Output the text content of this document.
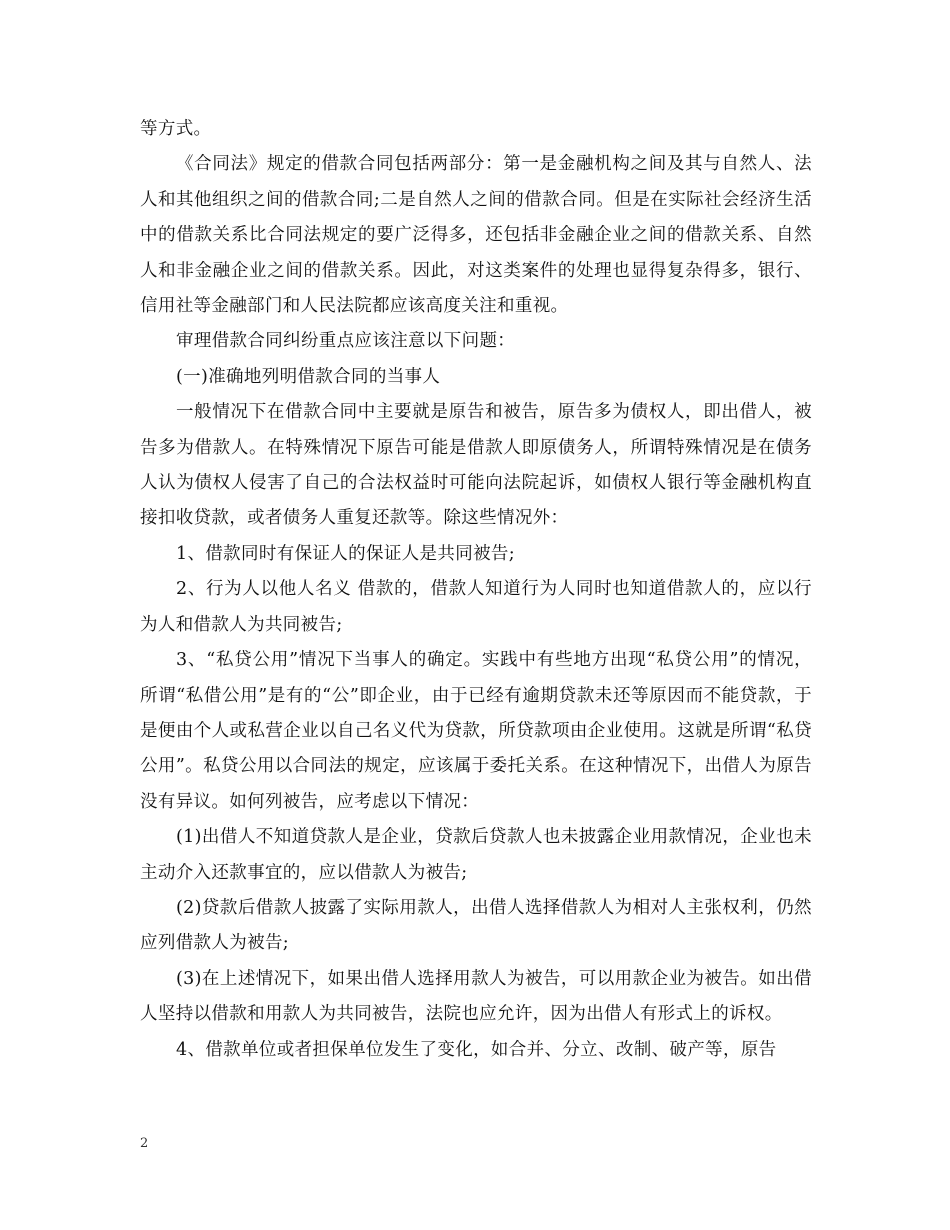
等方式。

《合同法》规定的借款合同包括两部分：第一是金融机构之间及其与自然人、法人和其他组织之间的借款合同;二是自然人之间的借款合同。但是在实际社会经济生活中的借款关系比合同法规定的要广泛得多，还包括非金融企业之间的借款关系、自然人和非金融企业之间的借款关系。因此，对这类案件的处理也显得复杂得多，银行、信用社等金融部门和人民法院都应该高度关注和重视。

审理借款合同纠纷重点应该注意以下问题：

(一)准确地列明借款合同的当事人

一般情况下在借款合同中主要就是原告和被告，原告多为债权人，即出借人，被告多为借款人。在特殊情况下原告可能是借款人即原债务人，所谓特殊情况是在债务人认为债权人侵害了自己的合法权益时可能向法院起诉，如债权人银行等金融机构直接扣收贷款，或者债务人重复还款等。除这些情况外：

1、借款同时有保证人的保证人是共同被告;

2、行为人以他人名义 借款的，借款人知道行为人同时也知道借款人的，应以行为人和借款人为共同被告;

3、“私贷公用”情况下当事人的确定。实践中有些地方出现“私贷公用”的情况，所谓“私借公用”是有的“公”即企业，由于已经有逾期贷款未还等原因而不能贷款，于是便由个人或私营企业以自己名义代为贷款，所贷款项由企业使用。这就是所谓“私贷公用”。私贷公用以合同法的规定，应该属于委托关系。在这种情况下，出借人为原告没有异议。如何列被告，应考虑以下情况：

(1)出借人不知道贷款人是企业，贷款后贷款人也未披露企业用款情况，企业也未主动介入还款事宜的，应以借款人为被告;

(2)贷款后借款人披露了实际用款人，出借人选择借款人为相对人主张权利，仍然应列借款人为被告;

(3)在上述情况下，如果出借人选择用款人为被告，可以用款企业为被告。如出借人坚持以借款和用款人为共同被告，法院也应允许，因为出借人有形式上的诉权。

4、借款单位或者担保单位发生了变化，如合并、分立、改制、破产等，原告

2
